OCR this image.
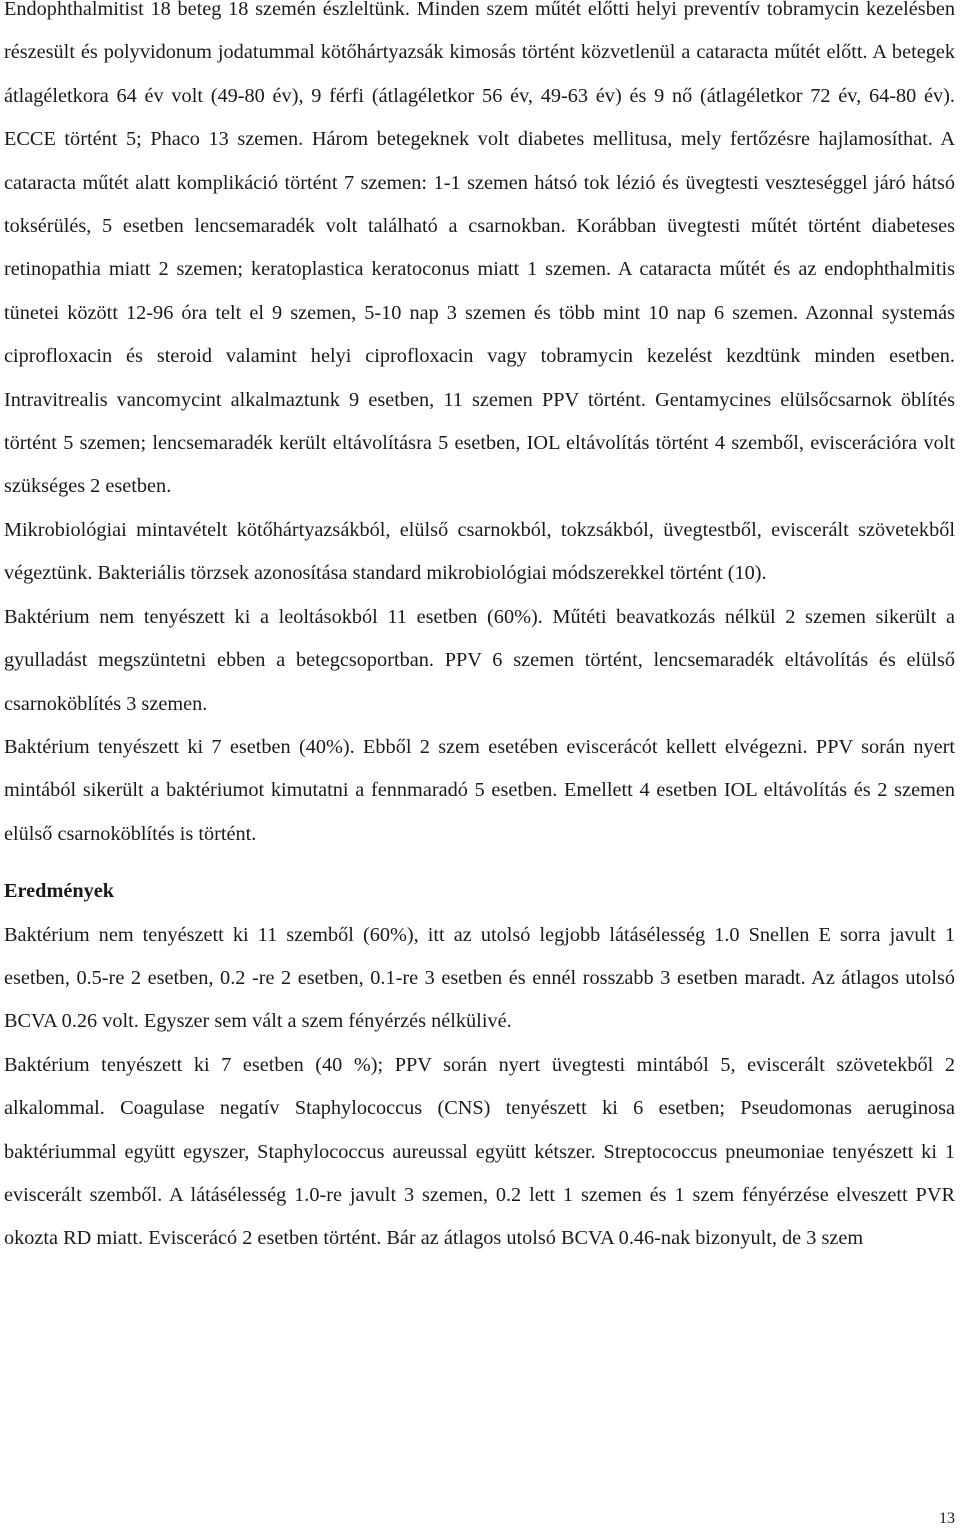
Endophthalmitist 18 beteg 18 szemén észleltünk. Minden szem műtét előtti helyi preventív tobramycin kezelésben részesült és polyvidonum jodatummal kötőhártyazsák kimosás történt közvetlenül a cataracta műtét előtt. A betegek átlagéletkora 64 év volt (49-80 év), 9 férfi (átlagéletkor 56 év, 49-63 év) és 9 nő (átlagéletkor 72 év, 64-80 év). ECCE történt 5; Phaco 13 szemen. Három betegeknek volt diabetes mellitusa, mely fertőzésre hajlamosíthat. A cataracta műtét alatt komplikáció történt 7 szemen: 1-1 szemen hátsó tok lézió és üvegtesti veszteséggel járó hátsó toksérülés, 5 esetben lencsemaradék volt található a csarnokban. Korábban üvegtesti műtét történt diabeteses retinopathia miatt 2 szemen; keratoplastica keratoconus miatt 1 szemen. A cataracta műtét és az endophthalmitis tünetei között 12-96 óra telt el 9 szemen, 5-10 nap 3 szemen és több mint 10 nap 6 szemen. Azonnal systemás ciprofloxacin és steroid valamint helyi ciprofloxacin vagy tobramycin kezelést kezdtünk minden esetben. Intravitrealis vancomycint alkalmaztunk 9 esetben, 11 szemen PPV történt. Gentamycines elülsőcsarnok öblítés történt 5 szemen; lencsemaradék került eltávolításra 5 esetben, IOL eltávolítás történt 4 szemből, eviscerációra volt szükséges 2 esetben.

Mikrobiológiai mintavételt kötőhártyazsákból, elülső csarnokból, tokzsákból, üvegtestből, eviscerált szövetekből végeztünk. Bakteriális törzsek azonosítása standard mikrobiológiai módszerekkel történt (10).

Baktérium nem tenyészett ki a leoltásokból 11 esetben (60%). Műtéti beavatkozás nélkül 2 szemen sikerült a gyulladást megszüntetni ebben a betegcsoportban. PPV 6 szemen történt, lencsemaradék eltávolítás és elülső csarnoköblítés 3 szemen.

Baktérium tenyészett ki 7 esetben (40%). Ebből 2 szem esetében eviscerácót kellett elvégezni. PPV során nyert mintából sikerült a baktériumot kimutatni a fennmaradó 5 esetben. Emellett 4 esetben IOL eltávolítás és 2 szemen elülső csarnoköblítés is történt.

Eredmények

Baktérium nem tenyészett ki 11 szemből (60%), itt az utolsó legjobb látásélesség 1.0 Snellen E sorra javult 1 esetben, 0.5-re 2 esetben, 0.2 -re 2 esetben, 0.1-re 3 esetben és ennél rosszabb 3 esetben maradt. Az átlagos utolsó BCVA 0.26 volt. Egyszer sem vált a szem fényérzés nélkülivé.

Baktérium tenyészett ki 7 esetben (40 %); PPV során nyert üvegtesti mintából 5, eviscerált szövetekből 2 alkalommal. Coagulase negatív Staphylococcus (CNS) tenyészett ki 6 esetben; Pseudomonas aeruginosa baktériummal együtt egyszer, Staphylococcus aureussal együtt kétszer. Streptococcus pneumoniae tenyészett ki 1 eviscerált szemből. A látásélesség 1.0-re javult 3 szemen, 0.2 lett 1 szemen és 1 szem fényérzése elveszett PVR okozta RD miatt. Eviscerácó 2 esetben történt. Bár az átlagos utolsó BCVA 0.46-nak bizonyult, de 3 szem

13
